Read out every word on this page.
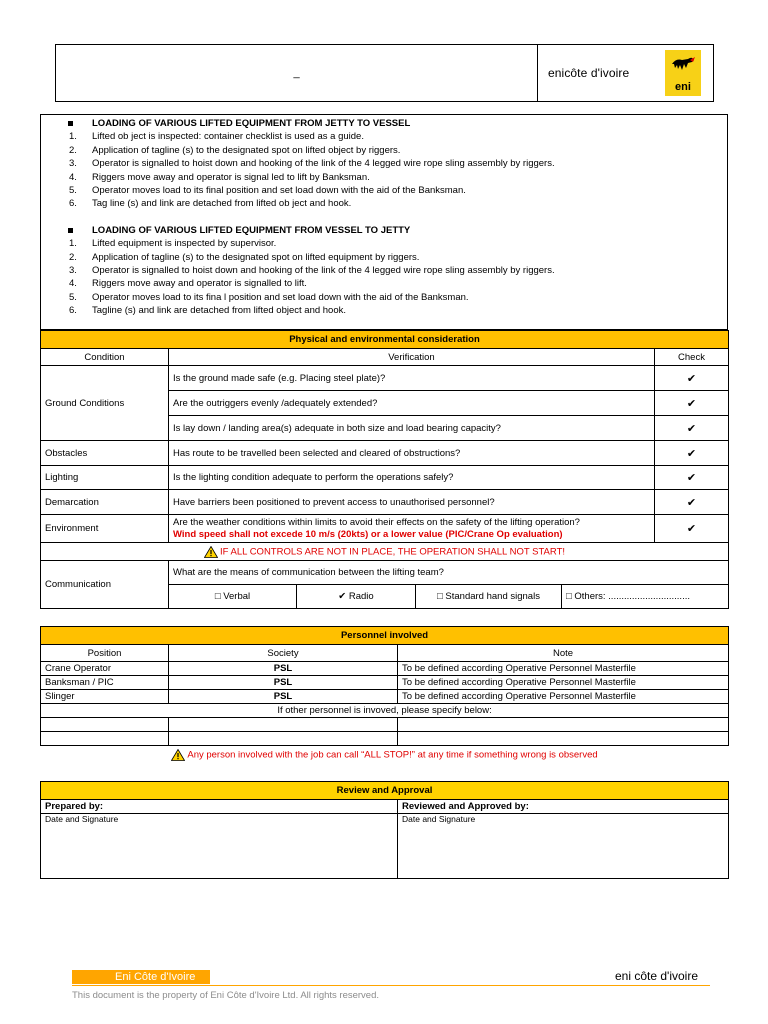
_	enicôte d'ivoire
eni
LOADING OF VARIOUS LIFTED EQUIPMENT FROM JETTY TO VESSEL
1.	Lifted ob ject is inspected: container checklist is used as a guide.
2.	Application of tagline (s) to the designated spot on lifted object by riggers.
3.	Operator is signalled to hoist down and hooking of the link of the 4 legged wire rope sling assembly by riggers.
4.	Riggers move away and operator is signal led to lift by Banksman.
5.	Operator moves load to its final position and set load down with the aid of the Banksman.
6.	Tag line (s) and link are detached from lifted ob ject and hook.
LOADING OF VARIOUS LIFTED EQUIPMENT FROM VESSEL TO JETTY
1.	Lifted equipment is inspected by supervisor.
2.	Application of tagline (s) to the designated spot on lifted equipment by riggers.
3.	Operator is signalled to hoist down and hooking of the link of the 4 legged wire rope sling assembly by riggers.
4.	Riggers move away and operator is signalled to lift.
5.	Operator moves load to its fina l position and set load down with the aid of the Banksman.
6.	Tagline (s) and link are detached from lifted object and hook.
Physical and environmental consideration					
Condition	Verification				Check
Ground Conditions	Is the ground made safe (e.g. Placing steel plate)?				✔
	Are the outriggers evenly /adequately extended?				✔
	Is lay down / landing area(s) adequate in both size and load bearing capacity?				✔
Obstacles	Has route to be travelled been selected and cleared of obstructions?				✔
Lighting	Is the lighting condition adequate to perform the operations safely?				✔
Demarcation	Have barriers been positioned to prevent access to unauthorised personnel?				✔
Environment	Are the weather conditions within limits to avoid their effects on the safety of the lifting operation?
Wind speed shall not excede 10 m/s (20kts) or a lower value (PIC/Crane Op evaluation)				✔
IF ALL CONTROLS ARE NOT IN PLACE, THE OPERATION SHALL NOT START!					
Communication	What are the means of communication between the lifting team?				
	□ Verbal	✔ Radio	□ Standard hand signals	□ Others: ...............................	
Personnel involved		
Position	Society	Note
Crane Operator	PSL	To be defined according Operative Personnel Masterfile
Banksman / PIC	PSL	To be defined according Operative Personnel Masterfile
Slinger	PSL	To be defined according Operative Personnel Masterfile
If other personnel is invoved, please specify below:		

Any person involved with the job can call “ALL STOP!” at any time if something wrong is observed		
Review and Approval	
Prepared by:	Reviewed and Approved by:
Date and Signature	Date and Signature
Eni Côte d'Ivoire	eni côte d'ivoire
This document is the property of Eni Côte d'Ivoire Ltd. All rights reserved.
